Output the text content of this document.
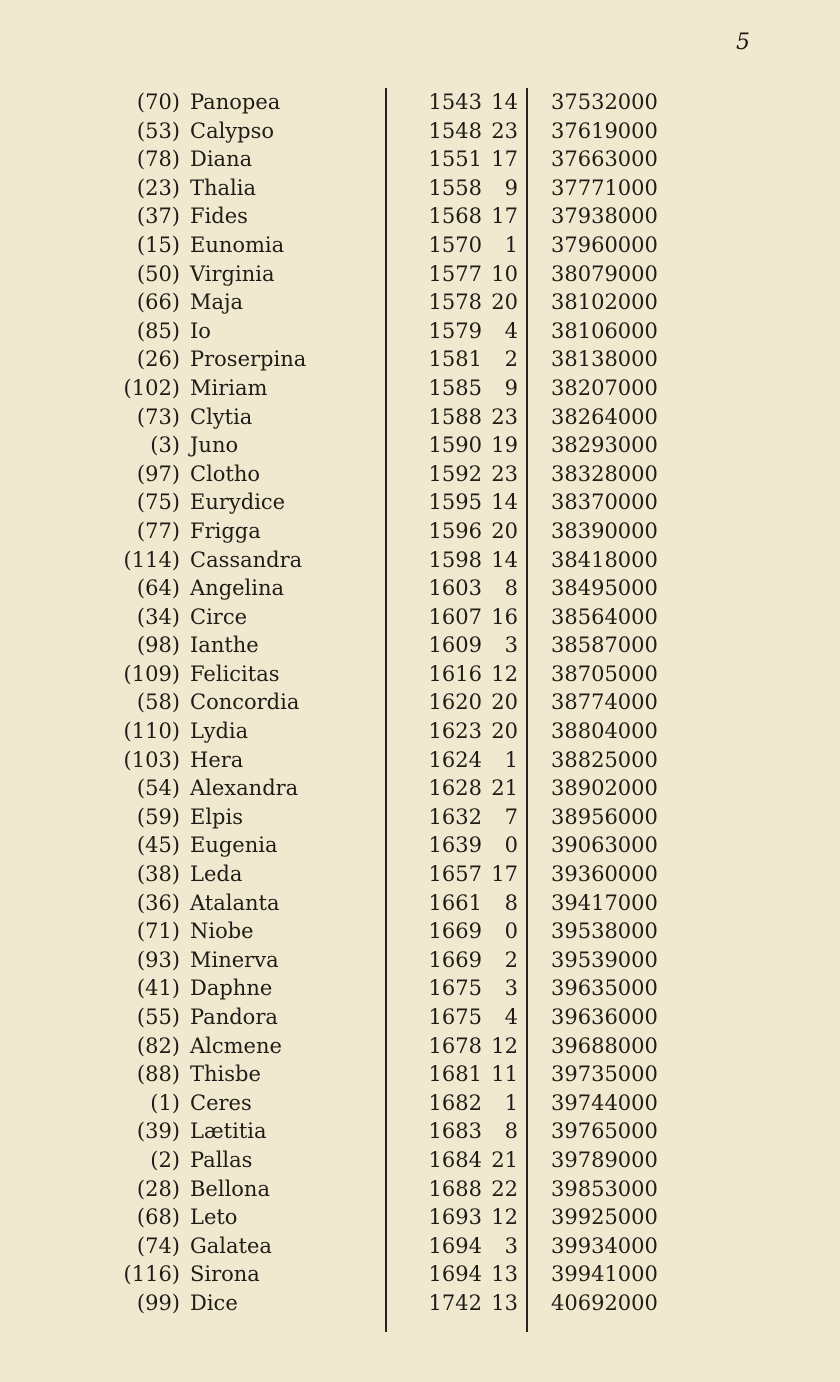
5
(70) Panopea	1543 14 37532000
(53) Calypso	1548 23 37619000
(78) Diana	1551 17 37663000
(23) Thalia	1558	9 37771000
(37) Fides	1568 17 37938000
(15) Eunomia	1570	1 37960000
(50) Virginia	1577 10 38079000
(66) Maja	1578 20 38102000
(85) Io	1579	4 38106000
(26) Proserpina	1581	2 38138000
(102) Miriam	1585	9 38207000
(73) Clytia	1588 23 38264000
(3) Juno	1590 19 38293000
(97) Clotho	1592 23 38328000
(75) Eurydice	1595 14 38370000
(77) Frigga	1596 20 38390000
(114) Cassandra	1598 14 38418000
(64) Angelina	1603	8 38495000
(34) Circe	1607 16 38564000
(98) Ianthe	1609	3 38587000
(109) Felicitas	1616 12 38705000
(58) Concordia	1620 20 38774000
(110) Lydia	1623 20 38804000
(103) Hera	1624	1 38825000
(54) Alexandra	1628 21 38902000
(59) Elpis	1632	7 38956000
(45) Eugenia	1639	0 39063000
(38) Leda	1657 17 39360000
(36) Atalanta	1661	8 39417000
(71) Niobe	1669	0 39538000
(93) Minerva	1669	2 39539000
(41) Daphne	1675	3 39635000
(55) Pandora	1675	4 39636000
(82) Alcmene	1678 12 39688000
(88) Thisbe	1681 11 39735000
(1) Ceres	1682	1 39744000
(39) Lætitia	1683	8 39765000
(2) Pallas	1684 21 39789000
(28) Bellona	1688 22 39853000
(68) Leto	1693 12 39925000
(74) Galatea	1694	3 39934000
(116) Sirona	1694 13 39941000
(99) Dice	1742 13 40692000
